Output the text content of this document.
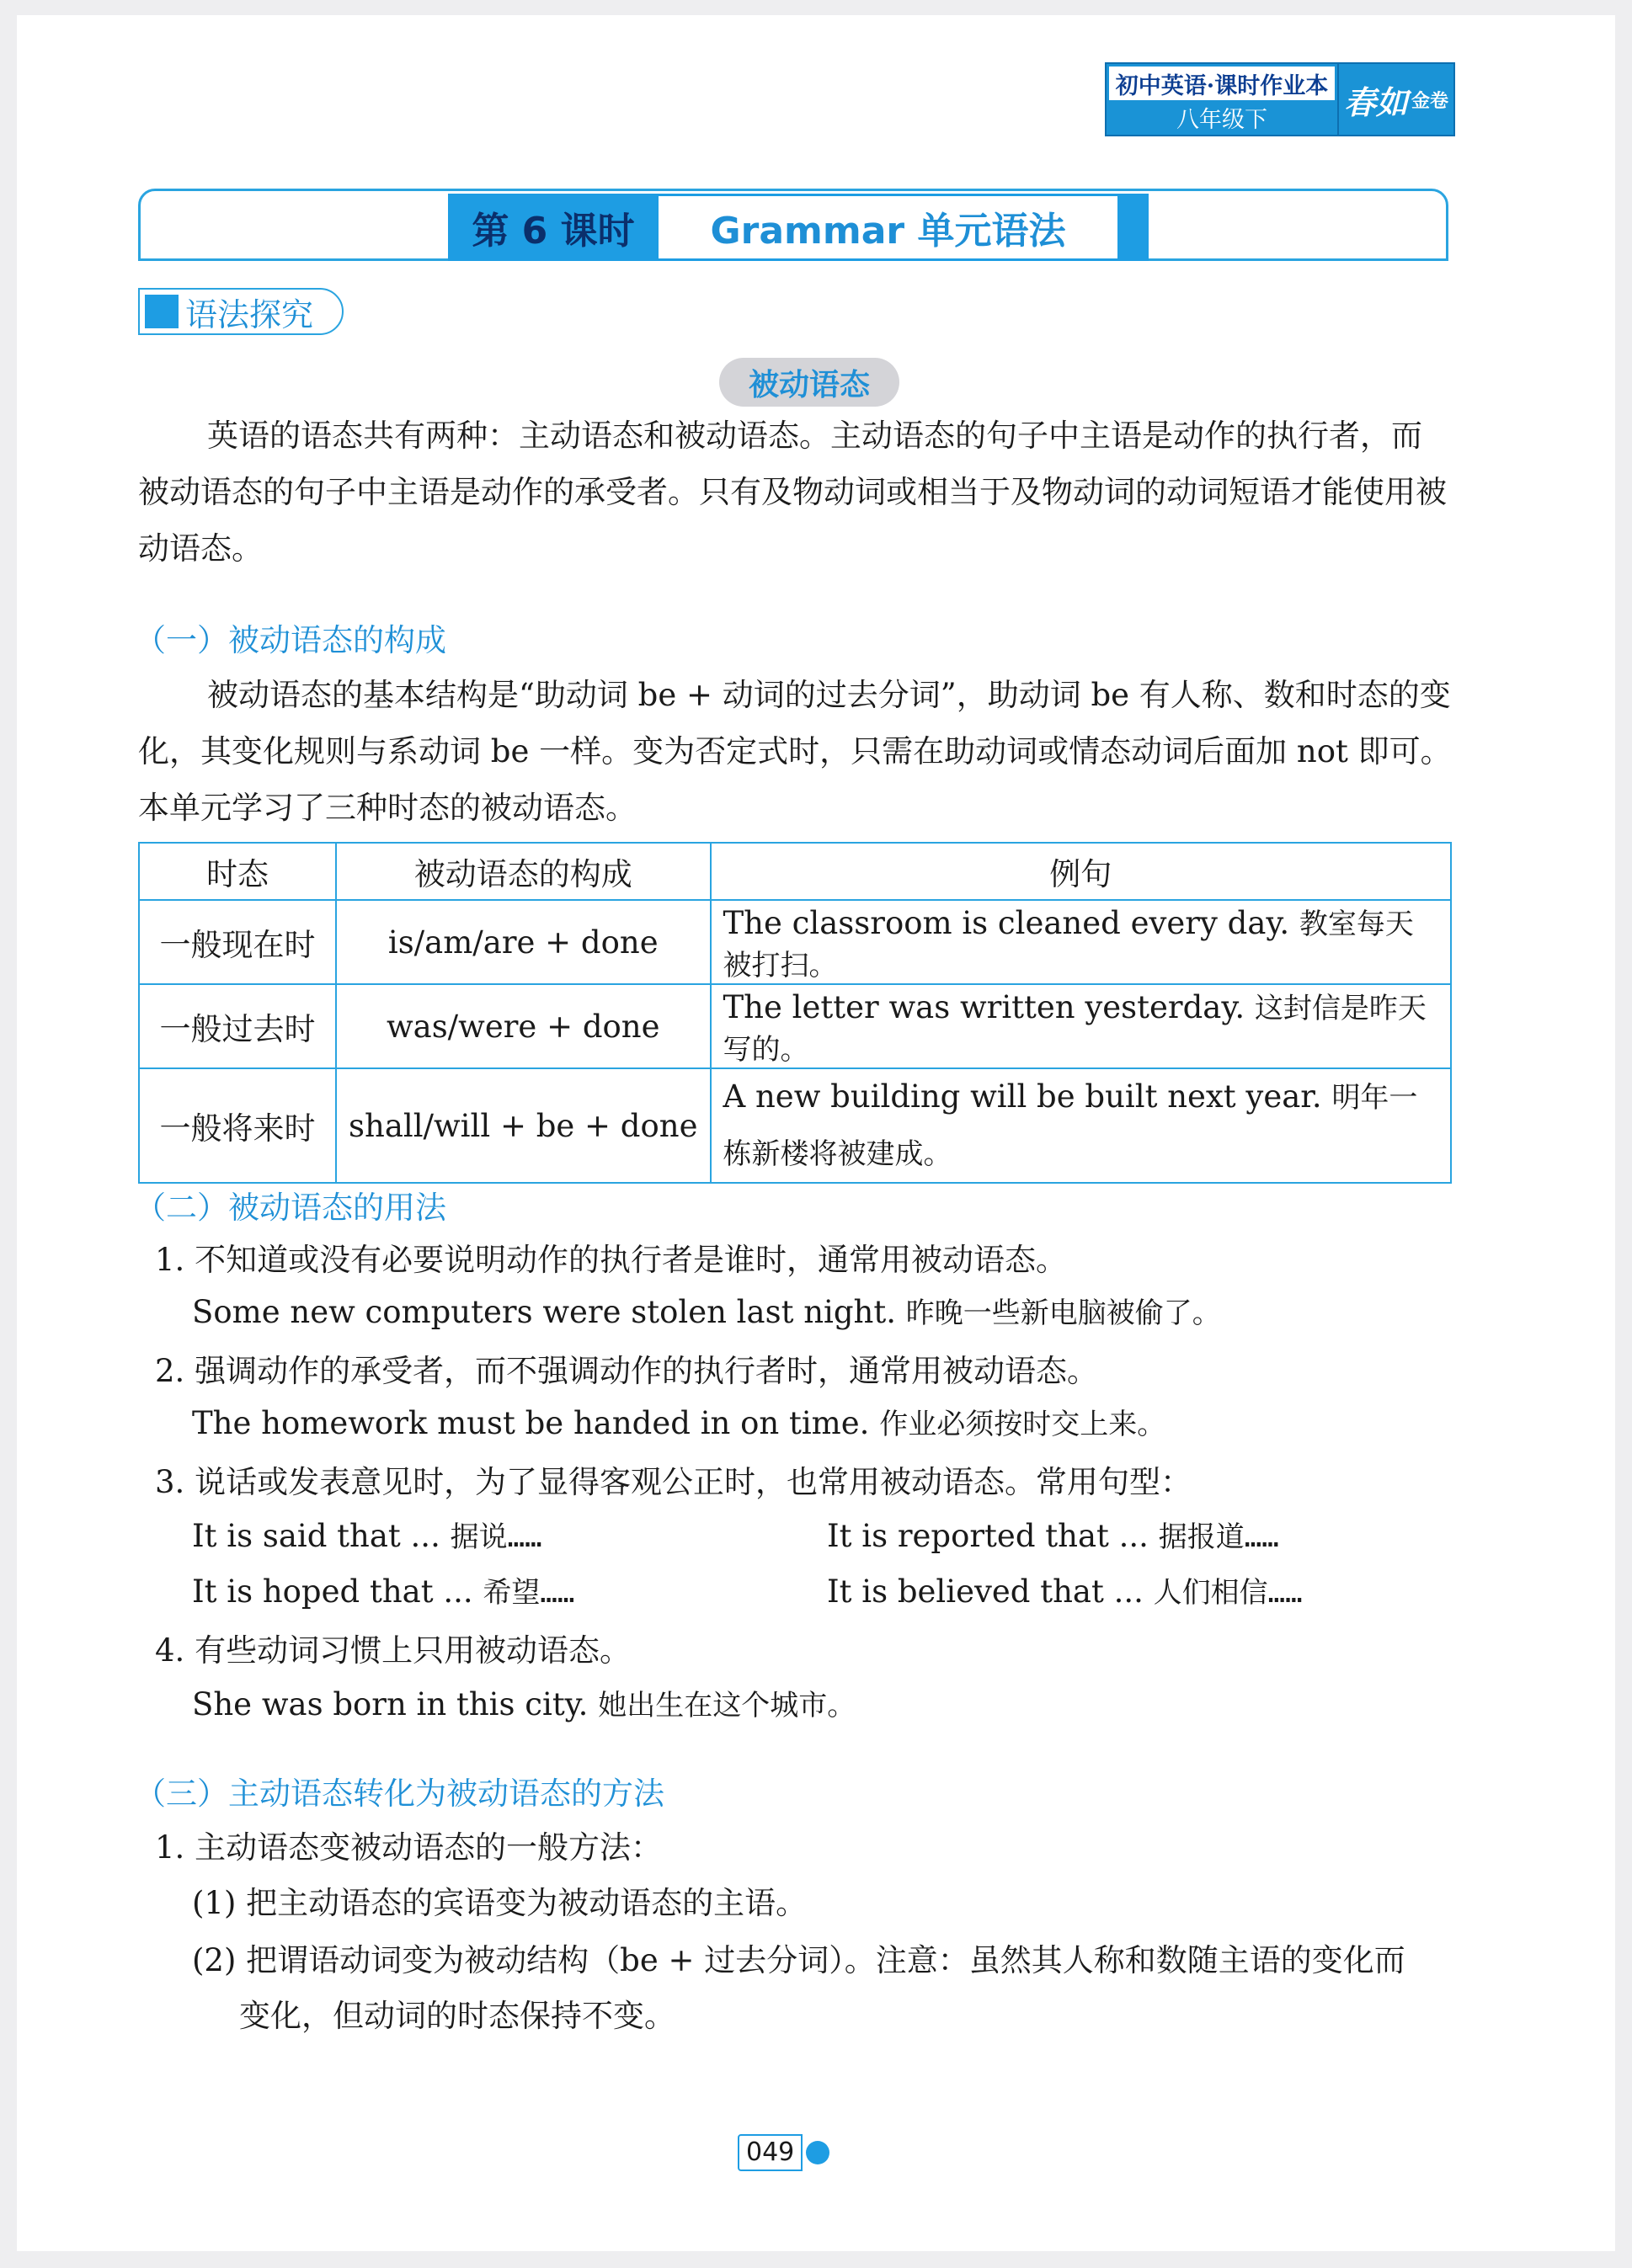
初中英语·课时作业本
八年级下	春如 金卷
第 6 课时	Grammar 单元语法
语法探究
被动语态
英语的语态共有两种：主动语态和被动语态。主动语态的句子中主语是动作的执行者，而被动语态的句子中主语是动作的承受者。只有及物动词或相当于及物动词的动词短语才能使用被动语态。
（一）被动语态的构成
被动语态的基本结构是“助动词 be + 动词的过去分词”，助动词 be 有人称、数和时态的变化，其变化规则与系动词 be 一样。变为否定式时，只需在助动词或情态动词后面加 not 即可。本单元学习了三种时态的被动语态。
时态	被动语态的构成	例句
一般现在时	is/am/are + done	The classroom is cleaned every day. 教室每天被打扫。
一般过去时	was/were + done	The letter was written yesterday. 这封信是昨天写的。
一般将来时	shall/will + be + done	A new building will be built next year. 明年一栋新楼将被建成。
（二）被动语态的用法
1. 不知道或没有必要说明动作的执行者是谁时，通常用被动语态。
Some new computers were stolen last night. 昨晚一些新电脑被偷了。
2. 强调动作的承受者，而不强调动作的执行者时，通常用被动语态。
The homework must be handed in on time. 作业必须按时交上来。
3. 说话或发表意见时，为了显得客观公正时，也常用被动语态。常用句型：
It is said that ... 据说……	It is reported that ... 据报道……
It is hoped that ... 希望……	It is believed that ... 人们相信……
4. 有些动词习惯上只用被动语态。
She was born in this city. 她出生在这个城市。
（三）主动语态转化为被动语态的方法
1. 主动语态变被动语态的一般方法：
(1) 把主动语态的宾语变为被动语态的主语。
(2) 把谓语动词变为被动结构（be + 过去分词）。注意：虽然其人称和数随主语的变化而
变化，但动词的时态保持不变。
049
